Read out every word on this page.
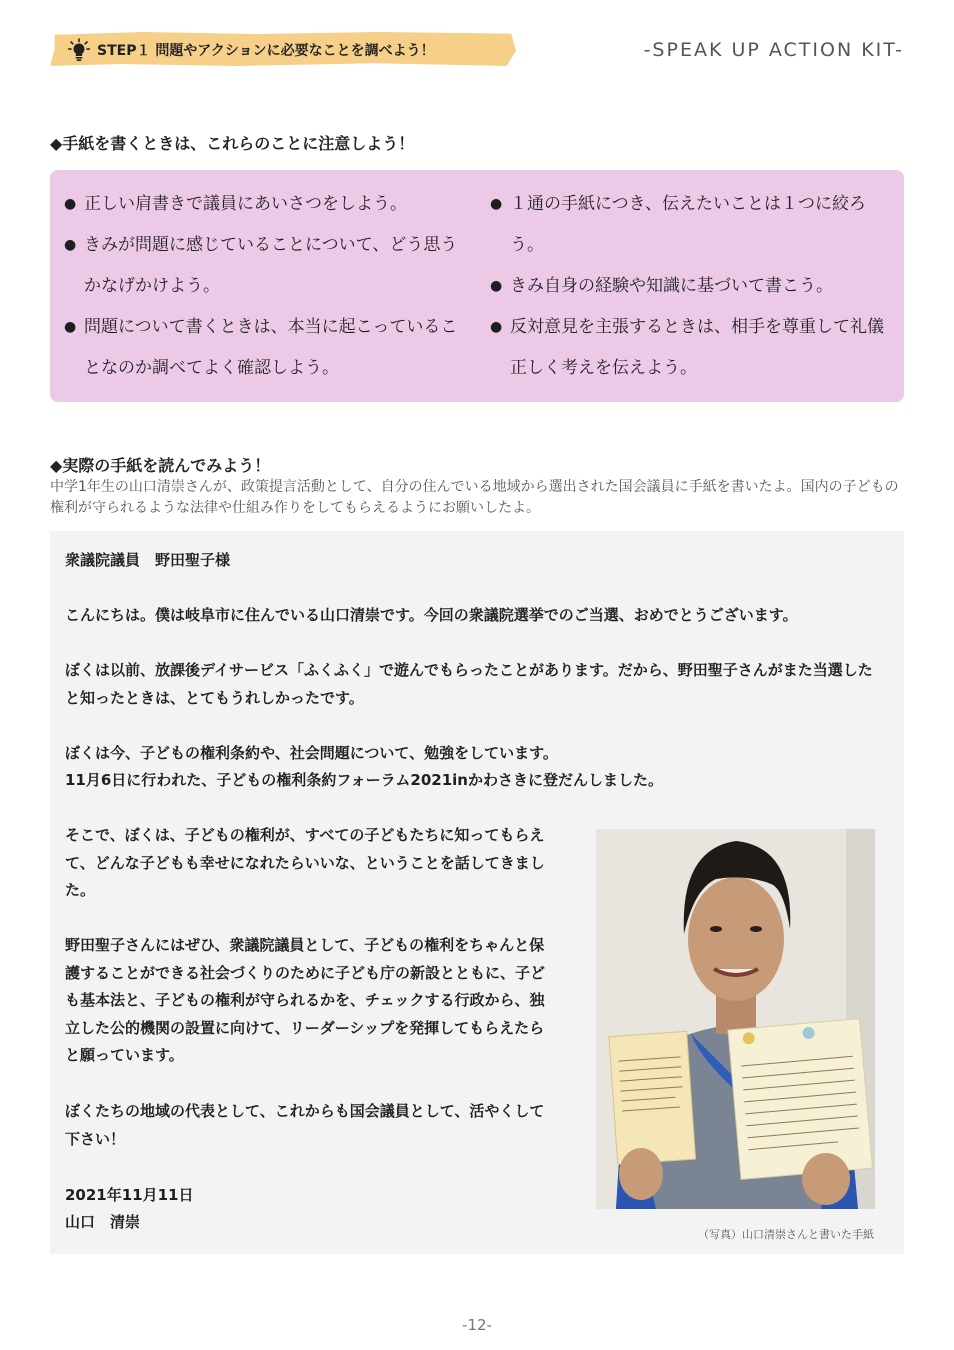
STEP１ 問題やアクションに必要なことを調べよう！	-SPEAK UP ACTION KIT-
◆手紙を書くときは、これらのことに注意しよう！
● 正しい肩書きで議員にあいさつをしよう。
● きみが問題に感じていることについて、どう思うかなげかけよう。
● 問題について書くときは、本当に起こっていることなのか調べてよく確認しよう。
● １通の手紙につき、伝えたいことは１つに絞ろう。
● きみ自身の経験や知識に基づいて書こう。
● 反対意見を主張するときは、相手を尊重して礼儀正しく考えを伝えよう。
◆実際の手紙を読んでみよう！
中学1年生の山口清崇さんが、政策提言活動として、自分の住んでいる地域から選出された国会議員に手紙を書いたよ。国内の子どもの権利が守られるような法律や仕組み作りをしてもらえるようにお願いしたよ。
衆議院議員　野田聖子様
こんにちは。僕は岐阜市に住んでいる山口清崇です。今回の衆議院選挙でのご当選、おめでとうございます。
ぼくは以前、放課後デイサービス「ふくふく」で遊んでもらったことがあります。だから、野田聖子さんがまた当選したと知ったときは、とてもうれしかったです。
ぼくは今、子どもの権利条約や、社会問題について、勉強をしています。
11月6日に行われた、子どもの権利条約フォーラム2021inかわさきに登だんしました。
そこで、ぼくは、子どもの権利が、すべての子どもたちに知ってもらえて、どんな子どもも幸せになれたらいいな、ということを話してきました。
野田聖子さんにはぜひ、衆議院議員として、子どもの権利をちゃんと保護することができる社会づくりのために子ども庁の新設とともに、子ども基本法と、子どもの権利が守られるかを、チェックする行政から、独立した公的機関の設置に向けて、リーダーシップを発揮してもらえたらと願っています。
ぼくたちの地域の代表として、これからも国会議員として、活やくして下さい！
2021年11月11日
山口　清崇
（写真）山口清崇さんと書いた手紙
-12-
